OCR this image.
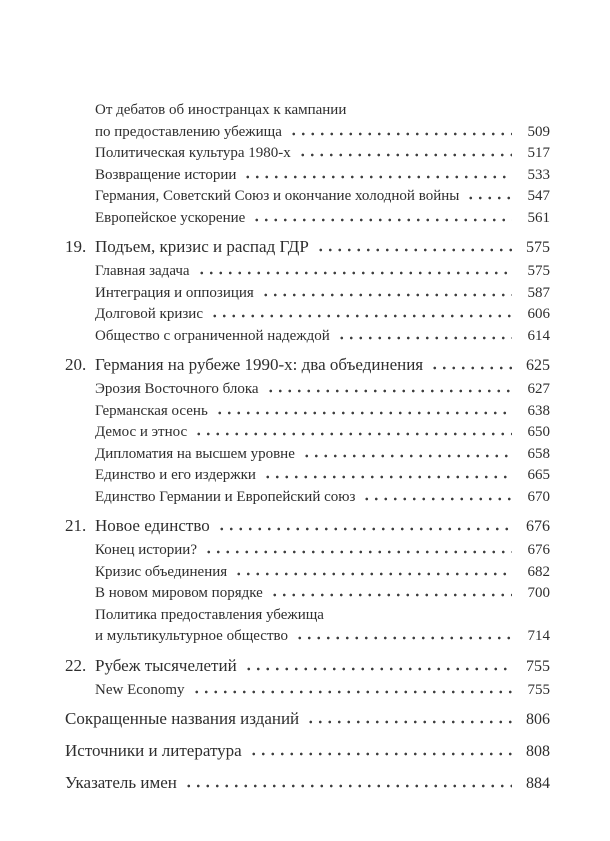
От дебатов об иностранцах к кампании
по предоставлению убежища	509
Политическая культура 1980-х	517
Возвращение истории	533
Германия, Советский Союз и окончание холодной войны	547
Европейское ускорение	561
19. Подъем, кризис и распад ГДР	575
Главная задача	575
Интеграция и оппозиция	587
Долговой кризис	606
Общество с ограниченной надеждой	614
20. Германия на рубеже 1990-х: два объединения	625
Эрозия Восточного блока	627
Германская осень	638
Демос и этнос	650
Дипломатия на высшем уровне	658
Единство и его издержки	665
Единство Германии и Европейский союз	670
21. Новое единство	676
Конец истории?	676
Кризис объединения	682
В новом мировом порядке	700
Политика предоставления убежища
и мультикультурное общество	714
22. Рубеж тысячелетий	755
New Economy	755
Сокращенные названия изданий	806
Источники и литература	808
Указатель имен	884
